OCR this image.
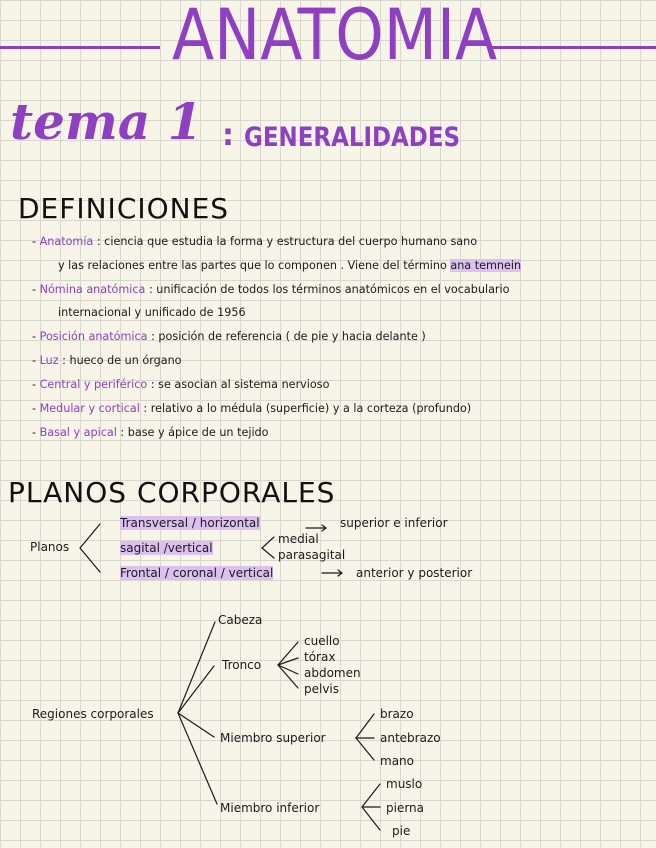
ANATOMIA
tema 1 : GENERALIDADES
DEFINICIONES
- Anatomía : ciencia que estudia la forma y estructura del cuerpo humano sano
y las relaciones entre las partes que lo componen . Viene del término ana temnein
- Nómina anatómica : unificación de todos los términos anatómicos en el vocabulario
internacional y unificado de 1956
- Posición anatómica : posición de referencia ( de pie y hacia delante )
- Luz : hueco de un órgano
- Central y periférico : se asocian al sistema nervioso
- Medular y cortical : relativo a lo médula (superficie) y a la corteza (profundo)
- Basal y apical : base y ápice de un tejido
PLANOS CORPORALES
Planos
Transversal / horizontal	superior e inferior
sagital /vertical
medial
parasagital
Frontal / coronal / vertical	anterior y posterior
Regiones corporales
Cabeza
Tronco
cuello
tórax
abdomen
pelvis
Miembro superior
brazo
antebrazo
mano
Miembro inferior
muslo
pierna
pie
